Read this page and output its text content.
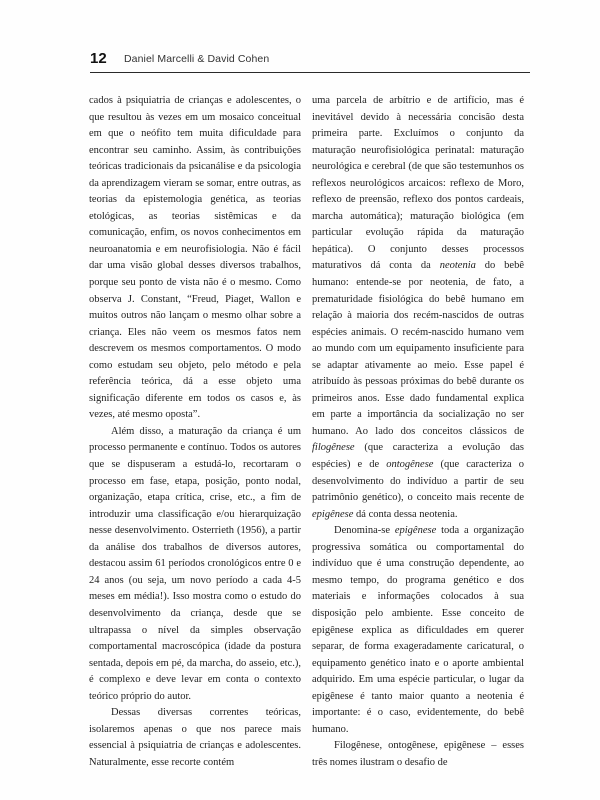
12 Daniel Marcelli & David Cohen

cados à psiquiatria de crianças e adolescentes, o que resultou às vezes em um mosaico conceitual em que o neófito tem muita dificuldade para encontrar seu caminho. Assim, às contribuições teóricas tradicionais da psicanálise e da psicologia da aprendizagem vieram se somar, entre outras, as teorias da epistemologia genética, as teorias etológicas, as teorias sistêmicas e da comunicação, enfim, os novos conhecimentos em neuroanatomia e em neurofisiologia. Não é fácil dar uma visão global desses diversos trabalhos, porque seu ponto de vista não é o mesmo. Como observa J. Constant, “Freud, Piaget, Wallon e muitos outros não lançam o mesmo olhar sobre a criança. Eles não veem os mesmos fatos nem descrevem os mesmos comportamentos. O modo como estudam seu objeto, pelo método e pela referência teórica, dá a esse objeto uma significação diferente em todos os casos e, às vezes, até mesmo oposta”.

Além disso, a maturação da criança é um processo permanente e contínuo. Todos os autores que se dispuseram a estudá-lo, recortaram o processo em fase, etapa, posição, ponto nodal, organização, etapa crítica, crise, etc., a fim de introduzir uma classificação e/ou hierarquização nesse desenvolvimento. Osterrieth (1956), a partir da análise dos trabalhos de diversos autores, destacou assim 61 períodos cronológicos entre 0 e 24 anos (ou seja, um novo período a cada 4-5 meses em média!). Isso mostra como o estudo do desenvolvimento da criança, desde que se ultrapassa o nível da simples observação comportamental macroscópica (idade da postura sentada, depois em pé, da marcha, do asseio, etc.), é complexo e deve levar em conta o contexto teórico próprio do autor.

Dessas diversas correntes teóricas, isolaremos apenas o que nos parece mais essencial à psiquiatria de crianças e adolescentes. Naturalmente, esse recorte contém

uma parcela de arbítrio e de artifício, mas é inevitável devido à necessária concisão desta primeira parte. Excluímos o conjunto da maturação neurofisiológica perinatal: maturação neurológica e cerebral (de que são testemunhos os reflexos neurológicos arcaicos: reflexo de Moro, reflexo de preensão, reflexo dos pontos cardeais, marcha automática); maturação biológica (em particular evolução rápida da maturação hepática). O conjunto desses processos maturativos dá conta da neotenia do bebê humano: entende-se por neotenia, de fato, a prematuridade fisiológica do bebê humano em relação à maioria dos recém-nascidos de outras espécies animais. O recém-nascido humano vem ao mundo com um equipamento insuficiente para se adaptar ativamente ao meio. Esse papel é atribuído às pessoas próximas do bebê durante os primeiros anos. Esse dado fundamental explica em parte a importância da socialização no ser humano. Ao lado dos conceitos clássicos de filogênese (que caracteriza a evolução das espécies) e de ontogênese (que caracteriza o desenvolvimento do indivíduo a partir de seu patrimônio genético), o conceito mais recente de epigênese dá conta dessa neotenia.

Denomina-se epigênese toda a organização progressiva somática ou comportamental do indivíduo que é uma construção dependente, ao mesmo tempo, do programa genético e dos materiais e informações colocados à sua disposição pelo ambiente. Esse conceito de epigênese explica as dificuldades em querer separar, de forma exageradamente caricatural, o equipamento genético inato e o aporte ambiental adquirido. Em uma espécie particular, o lugar da epigênese é tanto maior quanto a neotenia é importante: é o caso, evidentemente, do bebê humano.

Filogênese, ontogênese, epigênese – esses três nomes ilustram o desafio de
